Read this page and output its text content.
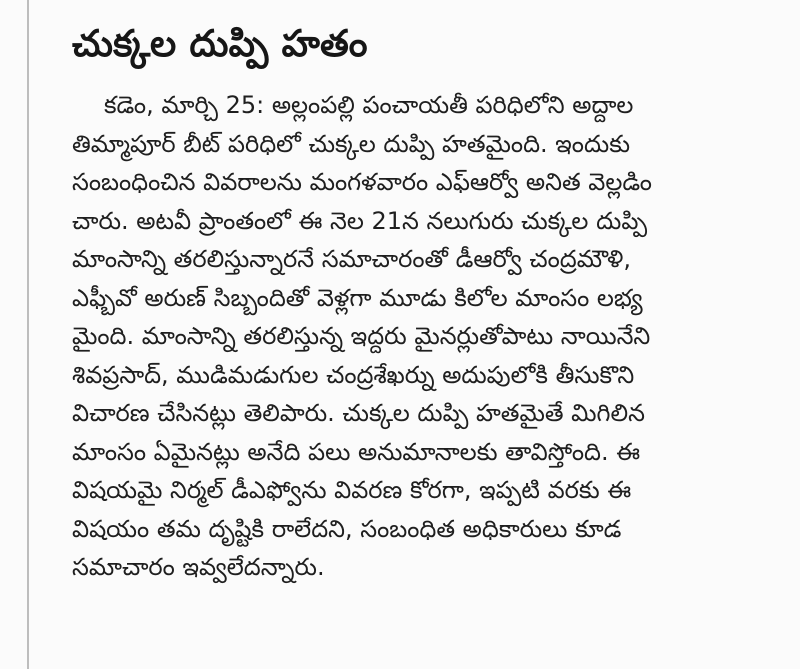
చుక్కల దుప్పి హతం
కడెం, మార్చి 25: అల్లంపల్లి పంచాయతీ పరిధిలోని అద్దాల
తిమ్మాపూర్ బీట్ పరిధిలో చుక్కల దుప్పి హతమైంది. ఇందుకు
సంబంధించిన వివరాలను మంగళవారం ఎఫ్ఆర్వో అనిత వెల్లడిం
చారు. అటవీ ప్రాంతంలో ఈ నెల 21న నలుగురు చుక్కల దుప్పి
మాంసాన్ని తరలిస్తున్నారనే సమాచారంతో డీఆర్వో చంద్రమౌళి,
ఎఫ్బీవో అరుణ్ సిబ్బందితో వెళ్లగా మూడు కిలోల మాంసం లభ్య
మైంది. మాంసాన్ని తరలిస్తున్న ఇద్దరు మైనర్లుతోపాటు నాయినేని
శివప్రసాద్, ముడిమడుగుల చంద్రశేఖర్ను అదుపులోకి తీసుకొని
విచారణ చేసినట్లు తెలిపారు. చుక్కల దుప్పి హతమైతే మిగిలిన
మాంసం ఏమైనట్లు అనేది పలు అనుమానాలకు తావిస్తోంది. ఈ
విషయమై నిర్మల్ డీఎఫ్వోను వివరణ కోరగా, ఇప్పటి వరకు ఈ
విషయం తమ దృష్టికి రాలేదని, సంబంధిత అధికారులు కూడ
సమాచారం ఇవ్వలేదన్నారు.
